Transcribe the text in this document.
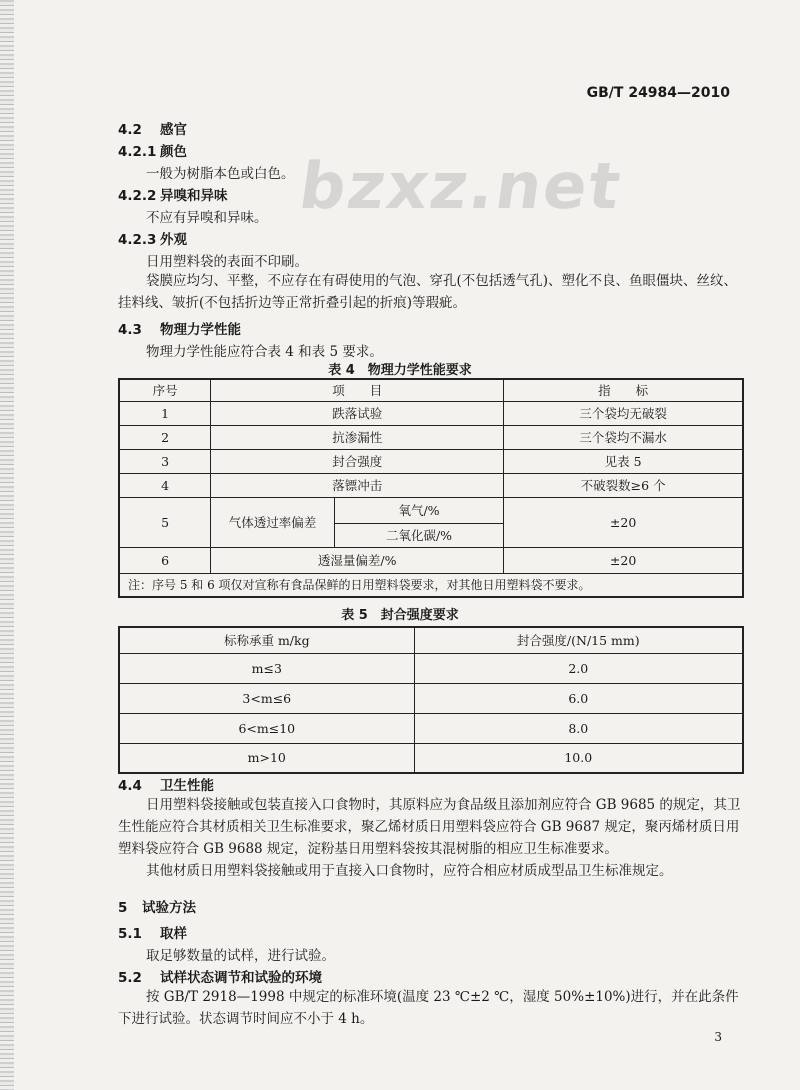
bzxz.net
GB/T 24984—2010
4.2 感官
4.2.1 颜色
一般为树脂本色或白色。
4.2.2 异嗅和异味
不应有异嗅和异味。
4.2.3 外观
日用塑料袋的表面不印刷。
袋膜应均匀、平整，不应存在有碍使用的气泡、穿孔(不包括透气孔)、塑化不良、鱼眼僵块、丝纹、挂料线、皱折(不包括折边等正常折叠引起的折痕)等瑕疵。
4.3 物理力学性能
物理力学性能应符合表 4 和表 5 要求。
表 4　物理力学性能要求
序号	项　　目		指　　标
1	跌落试验		三个袋均无破裂
2	抗渗漏性		三个袋均不漏水
3	封合强度		见表 5
4	落镖冲击		不破裂数≥6 个
5	气体透过率偏差	氧气/%	±20
		二氧化碳/%	
6	透湿量偏差/%		±20
注：序号 5 和 6 项仅对宣称有食品保鲜的日用塑料袋要求，对其他日用塑料袋不要求。			
表 5　封合强度要求
标称承重 m/kg	封合强度/(N/15 mm)
m≤3	2.0
3<m≤6	6.0
6<m≤10	8.0
m>10	10.0
4.4 卫生性能
日用塑料袋接触或包装直接入口食物时，其原料应为食品级且添加剂应符合 GB 9685 的规定，其卫生性能应符合其材质相关卫生标准要求，聚乙烯材质日用塑料袋应符合 GB 9687 规定，聚丙烯材质日用塑料袋应符合 GB 9688 规定，淀粉基日用塑料袋按其混树脂的相应卫生标准要求。
其他材质日用塑料袋接触或用于直接入口食物时，应符合相应材质成型品卫生标准规定。
5 试验方法
5.1 取样
取足够数量的试样，进行试验。
5.2 试样状态调节和试验的环境
按 GB/T 2918—1998 中规定的标准环境(温度 23 ℃±2 ℃，湿度 50%±10%)进行，并在此条件下进行试验。状态调节时间应不小于 4 h。
3
